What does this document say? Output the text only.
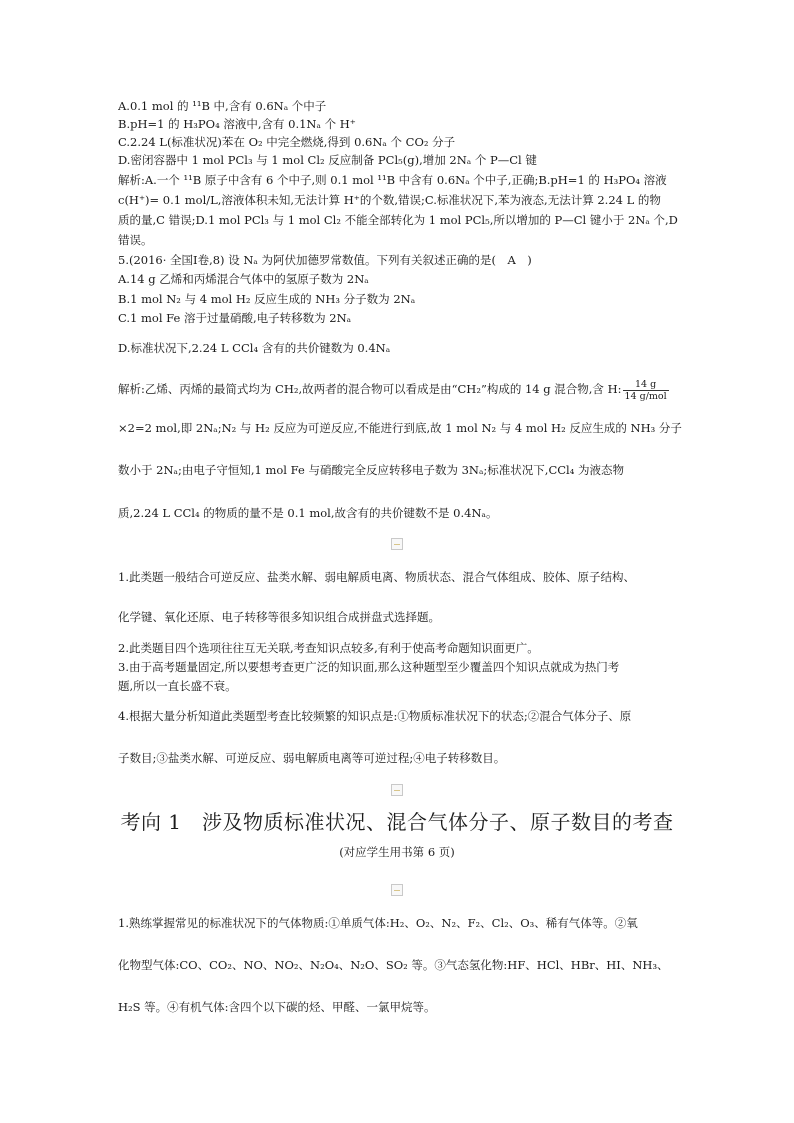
A.0.1 mol 的 ¹¹B 中,含有 0.6Nₐ 个中子
B.pH=1 的 H₃PO₄ 溶液中,含有 0.1Nₐ 个 H⁺
C.2.24 L(标准状况)苯在 O₂ 中完全燃烧,得到 0.6Nₐ 个 CO₂ 分子
D.密闭容器中 1 mol PCl₃ 与 1 mol Cl₂ 反应制备 PCl₅(g),增加 2Nₐ 个 P—Cl 键
解析:A.一个 ¹¹B 原子中含有 6 个中子,则 0.1 mol ¹¹B 中含有 0.6Nₐ 个中子,正确;B.pH=1 的 H₃PO₄ 溶液
c(H⁺)= 0.1 mol/L,溶液体积未知,无法计算 H⁺的个数,错误;C.标准状况下,苯为液态,无法计算 2.24 L 的物
质的量,C 错误;D.1 mol PCl₃ 与 1 mol Cl₂ 不能全部转化为 1 mol PCl₅,所以增加的 P—Cl 键小于 2Nₐ 个,D
错误。
5.(2016· 全国Ⅰ卷,8) 设 Nₐ 为阿伏加德罗常数值。下列有关叙述正确的是(　A　)
A.14 g 乙烯和丙烯混合气体中的氢原子数为 2Nₐ
B.1 mol N₂ 与 4 mol H₂ 反应生成的 NH₃ 分子数为 2Nₐ
C.1 mol Fe 溶于过量硝酸,电子转移数为 2Nₐ
D.标准状况下,2.24 L CCl₄ 含有的共价键数为 0.4Nₐ
解析:乙烯、丙烯的最简式均为 CH₂,故两者的混合物可以看成是由“CH₂”构成的 14 g 混合物,含 H: $\frac{14 g}{\text{14 g/mol}}$
×2=2 mol,即 2Nₐ;N₂ 与 H₂ 反应为可逆反应,不能进行到底,故 1 mol N₂ 与 4 mol H₂ 反应生成的 NH₃ 分子
数小于 2Nₐ;由电子守恒知,1 mol Fe 与硝酸完全反应转移电子数为 3Nₐ;标准状况下,CCl₄ 为液态物
质,2.24 L CCl₄ 的物质的量不是 0.1 mol,故含有的共价键数不是 0.4Nₐ。
1.此类题一般结合可逆反应、盐类水解、弱电解质电离、物质状态、混合气体组成、胶体、原子结构、
化学键、氧化还原、电子转移等很多知识组合成拼盘式选择题。
2.此类题目四个选项往往互无关联,考查知识点较多,有利于使高考命题知识面更广。
3.由于高考题量固定,所以要想考查更广泛的知识面,那么这种题型至少覆盖四个知识点就成为热门考
题,所以一直长盛不衰。
4.根据大量分析知道此类题型考查比较频繁的知识点是:①物质标准状况下的状态;②混合气体分子、原
子数目;③盐类水解、可逆反应、弱电解质电离等可逆过程;④电子转移数目。
考向 1　涉及物质标准状况、混合气体分子、原子数目的考查
(对应学生用书第 6 页)
1.熟练掌握常见的标准状况下的气体物质:①单质气体:H₂、O₂、N₂、F₂、Cl₂、O₃、稀有气体等。②氧
化物型气体:CO、CO₂、NO、NO₂、N₂O₄、N₂O、SO₂ 等。③气态氢化物:HF、HCl、HBr、HI、NH₃、
H₂S 等。④有机气体:含四个以下碳的烃、甲醛、一氯甲烷等。
